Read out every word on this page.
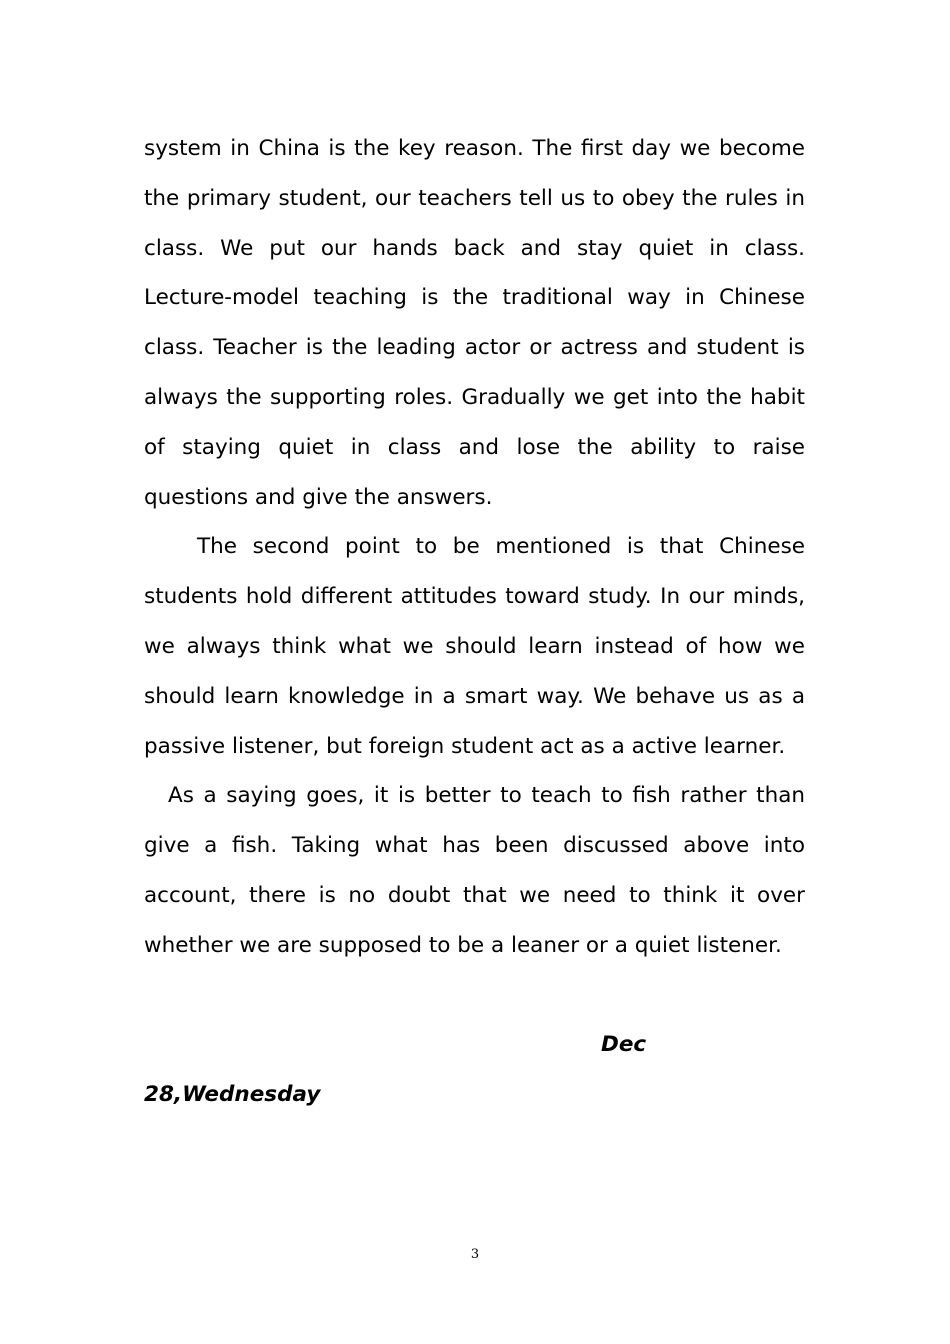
system in China is the key reason. The first day we become the primary student, our teachers tell us to obey the rules in class. We put our hands back and stay quiet in class. Lecture-model teaching is the traditional way in Chinese class. Teacher is the leading actor or actress and student is always the supporting roles. Gradually we get into the habit of staying quiet in class and lose the ability to raise questions and give the answers.

The second point to be mentioned is that Chinese students hold different attitudes toward study. In our minds, we always think what we should learn instead of how we should learn knowledge in a smart way. We behave us as a passive listener, but foreign student act as a active learner.

As a saying goes, it is better to teach to fish rather than give a fish. Taking what has been discussed above into account, there is no doubt that we need to think it over whether we are supposed to be a leaner or a quiet listener.

Dec

28,Wednesday

3
